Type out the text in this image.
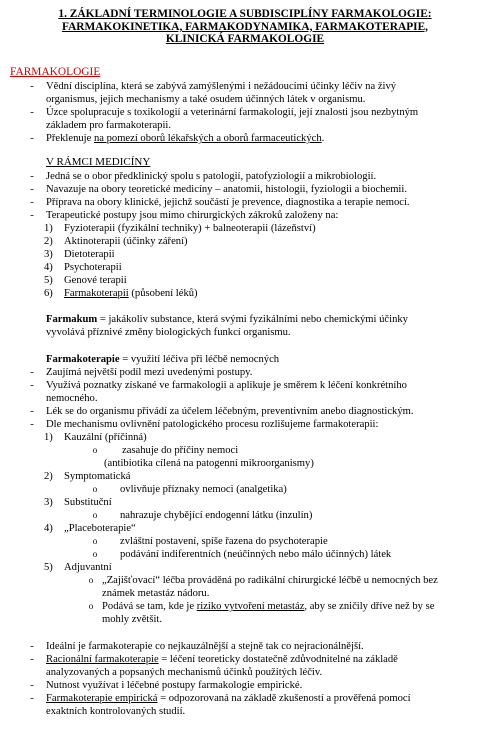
1. ZÁKLADNÍ TERMINOLOGIE A SUBDISCIPLÍNY FARMAKOLOGIE:
FARMAKOKINETIKA, FARMAKODYNAMIKA, FARMAKOTERAPIE,
KLINICKÁ FARMAKOLOGIE
FARMAKOLOGIE
-	Vědní disciplína, která se zabývá zamýšlenými i nežádoucími účinky léčiv na živý
organismus, jejich mechanismy a také osudem účinných látek v organismu.
-	Úzce spolupracuje s toxikologií a veterinární farmakologií, její znalosti jsou nezbytným
základem pro farmakoterapii.
-	Překlenuje na pomezí oborů lékařských a oborů farmaceutických.
V RÁMCI MEDICÍNY
-	Jedná se o obor předklinický spolu s patologií, patofyziologií a mikrobiologií.
-	Navazuje na obory teoretické medicíny – anatomii, histologii, fyziologii a biochemii.
-	Příprava na obory klinické, jejichž součástí je prevence, diagnostika a terapie nemocí.
-	Terapeutické postupy jsou mimo chirurgických zákroků založeny na:
1)	Fyzioterapii (fyzikální techniky) + balneoterapii (lázeňství)
2)	Aktinoterapii (účinky záření)
3)	Dietoterapii
4)	Psychoterapii
5)	Genové terapii
6)	Farmakoterapii (působení léků)
Farmakum = jakákoliv substance, která svými fyzikálními nebo chemickými účinky
vyvolává příznivé změny biologických funkcí organismu.
Farmakoterapie = využití léčiva při léčbě nemocných
-	Zaujímá největší podíl mezi uvedenými postupy.
-	Využívá poznatky získané ve farmakologii a aplikuje je směrem k léčení konkrétního
nemocného.
-	Lék se do organismu přivádí za účelem léčebným, preventivním anebo diagnostickým.
-	Dle mechanismu ovlivnění patologického procesu rozlišujeme farmakoterapii:
1)	Kauzální (příčinná)
o	zasahuje do příčiny nemoci
(antibiotika cílená na patogenní mikroorganismy)
2)	Symptomatická
o	ovlivňuje příznaky nemoci (analgetika)
3)	Substituční
o	nahrazuje chybějící endogenní látku (inzulín)
4)	„Placeboterapie“
o	zvláštní postavení, spíše řazena do psychoterapie
o	podávání indiferentních (neúčinných nebo málo účinných) látek
5)	Adjuvantní
o „Zajišťovací“ léčba prováděná po radikální chirurgické léčbě u nemocných bez
známek metastáz nádoru.
o Podává se tam, kde je riziko vytvoření metastáz, aby se zničily dříve než by se
mohly zvětšit.
-	Ideální je farmakoterapie co nejkauzálnější a stejně tak co nejracionálnější.
-	Racionální farmakoterapie = léčení teoreticky dostatečně zdůvodnitelné na základě
analyzovaných a popsaných mechanismů účinků použitých léčiv.
-	Nutnost využívat i léčebné postupy farmakologie empirické.
-	Farmakoterapie empirická = odpozorovaná na základě zkušeností a prověřená pomocí
exaktních kontrolovaných studií.
